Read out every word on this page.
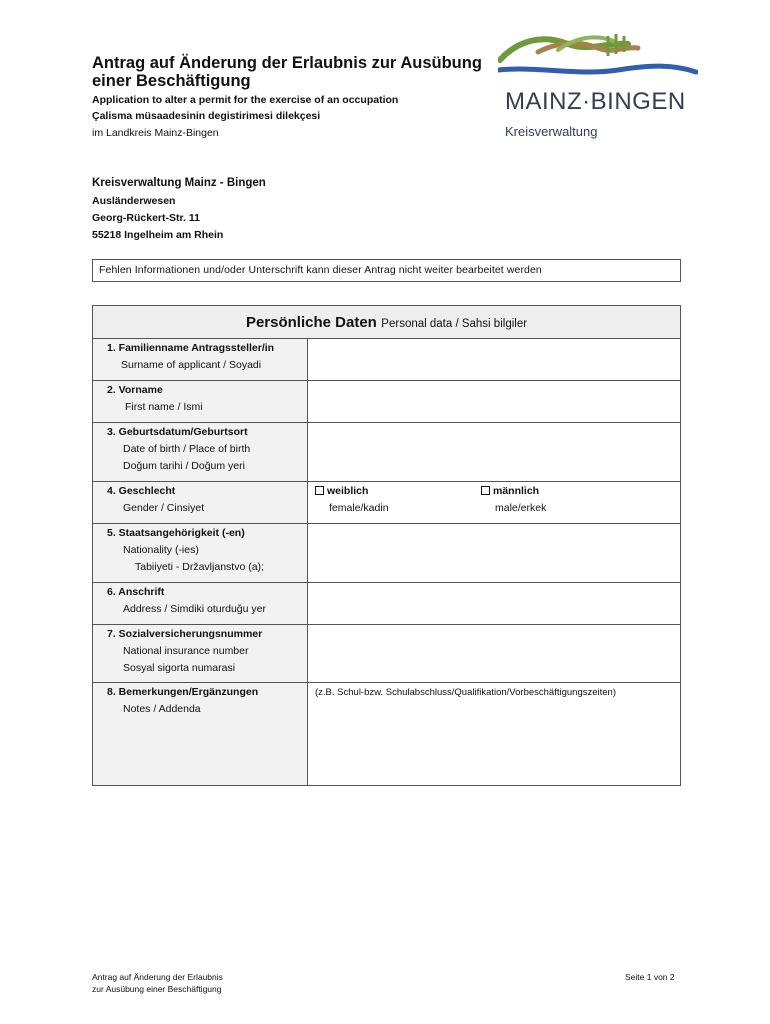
Antrag auf Änderung der Erlaubnis zur Ausübung einer Beschäftigung
Application to alter a permit for the exercise of an occupation
Çalisma müsaadesinin degistirimesi dilekçesi
im Landkreis Mainz-Bingen
MAINZ·BINGEN
Kreisverwaltung
Kreisverwaltung Mainz - Bingen
Ausländerwesen
Georg-Rückert-Str. 11
55218 Ingelheim am Rhein
Fehlen Informationen und/oder Unterschrift kann dieser Antrag nicht weiter bearbeitet werden
Persönliche Daten Personal data / Sahsi bilgiler
1. Familienname Antragssteller/in
Surname of applicant / Soyadi
2. Vorname
First name / Ismi
3. Geburtsdatum/Geburtsort
Date of birth / Place of birth
Doğum tarihi / Doğum yeri
4. Geschlecht
Gender / Cinsiyet
weiblich
female/kadin
männlich
male/erkek
5. Staatsangehörigkeit (-en)
Nationality (-ies)
Tabiiyeti - Državljanstvo (a);
6. Anschrift
Address / Simdiki oturduğu yer
7. Sozialversicherungsnummer
National insurance number
Sosyal sigorta numarasi
8. Bemerkungen/Ergänzungen
Notes / Addenda
(z.B. Schul-bzw. Schulabschluss/Qualifikation/Vorbeschäftigungszeiten)
Antrag auf Änderung der Erlaubnis
zur Ausübung einer Beschäftigung
Seite 1 von 2
